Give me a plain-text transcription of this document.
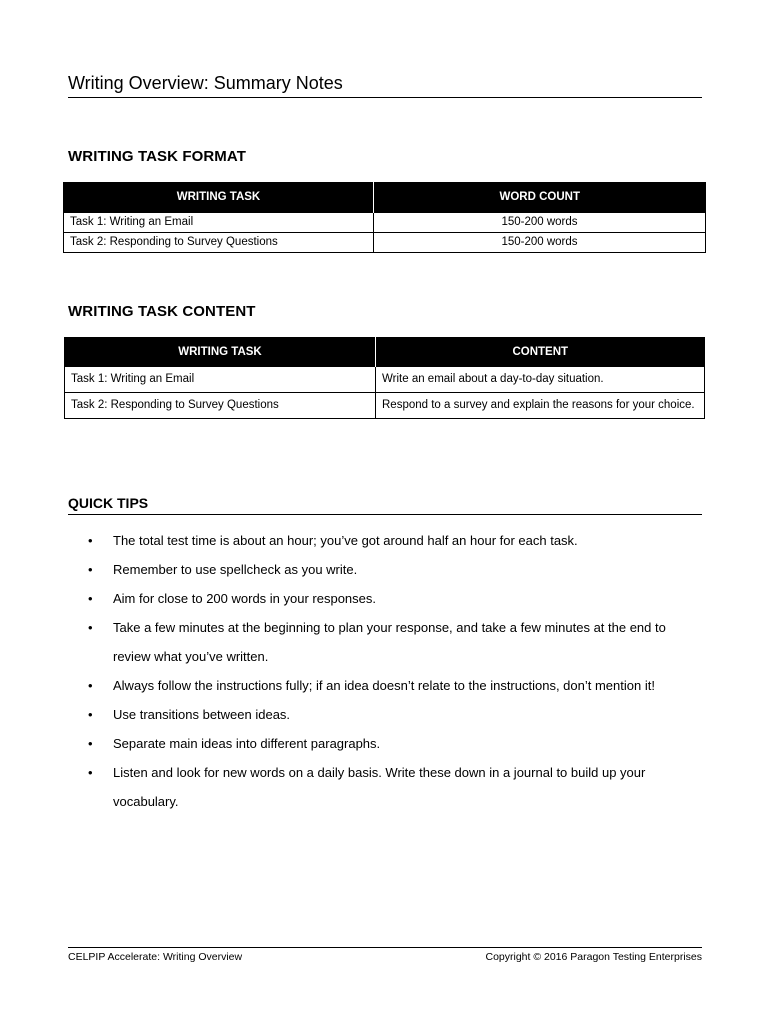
Writing Overview: Summary Notes
WRITING TASK FORMAT
WRITING TASK	WORD COUNT
Task 1: Writing an Email	150-200 words
Task 2: Responding to Survey Questions	150-200 words
WRITING TASK CONTENT
WRITING TASK	CONTENT
Task 1: Writing an Email	Write an email about a day-to-day situation.
Task 2: Responding to Survey Questions	Respond to a survey and explain the reasons for your choice.
QUICK TIPS
• The total test time is about an hour; you’ve got around half an hour for each task.
• Remember to use spellcheck as you write.
• Aim for close to 200 words in your responses.
• Take a few minutes at the beginning to plan your response, and take a few minutes at the end to review what you’ve written.
• Always follow the instructions fully; if an idea doesn’t relate to the instructions, don’t mention it!
• Use transitions between ideas.
• Separate main ideas into different paragraphs.
• Listen and look for new words on a daily basis. Write these down in a journal to build up your vocabulary.
CELPIP Accelerate: Writing Overview	Copyright © 2016 Paragon Testing Enterprises
